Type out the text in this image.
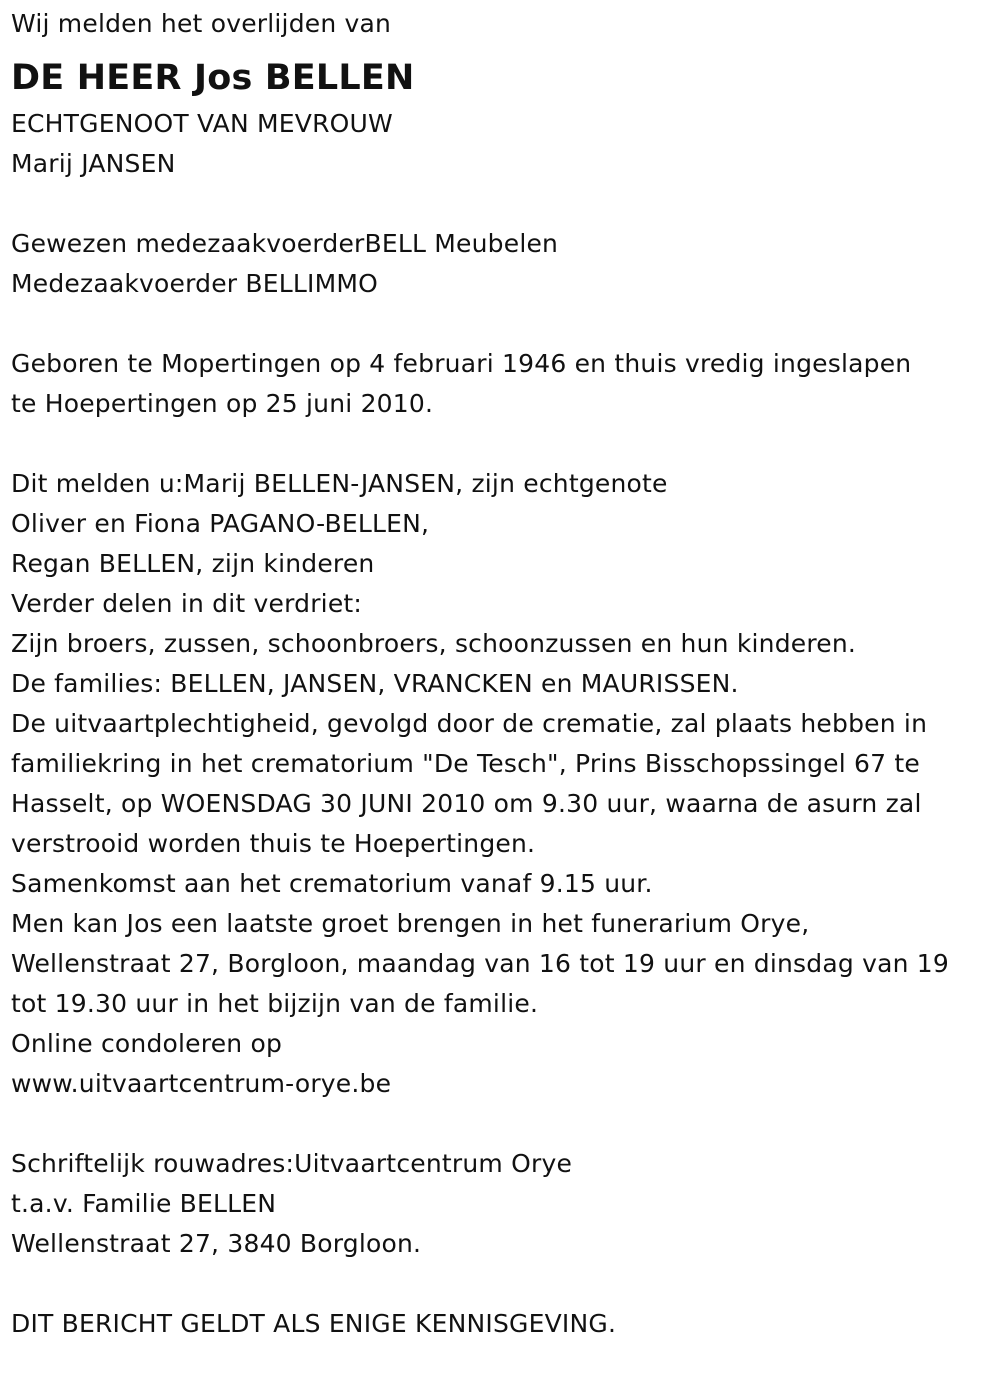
Wij melden het overlijden van
DE HEER Jos BELLEN
ECHTGENOOT VAN MEVROUW
Marij JANSEN
Gewezen medezaakvoerderBELL Meubelen
Medezaakvoerder BELLIMMO
Geboren te Mopertingen op 4 februari 1946 en thuis vredig ingeslapen
te Hoepertingen op 25 juni 2010.
Dit melden u:Marij BELLEN-JANSEN, zijn echtgenote
Oliver en Fiona PAGANO-BELLEN,
Regan BELLEN, zijn kinderen
Verder delen in dit verdriet:
Zijn broers, zussen, schoonbroers, schoonzussen en hun kinderen.
De families: BELLEN, JANSEN, VRANCKEN en MAURISSEN.
De uitvaartplechtigheid, gevolgd door de crematie, zal plaats hebben in
familiekring in het crematorium "De Tesch", Prins Bisschopssingel 67 te
Hasselt, op WOENSDAG 30 JUNI 2010 om 9.30 uur, waarna de asurn zal
verstrooid worden thuis te Hoepertingen.
Samenkomst aan het crematorium vanaf 9.15 uur.
Men kan Jos een laatste groet brengen in het funerarium Orye,
Wellenstraat 27, Borgloon, maandag van 16 tot 19 uur en dinsdag van 19
tot 19.30 uur in het bijzijn van de familie.
Online condoleren op
www.uitvaartcentrum-orye.be
Schriftelijk rouwadres:Uitvaartcentrum Orye
t.a.v. Familie BELLEN
Wellenstraat 27, 3840 Borgloon.
DIT BERICHT GELDT ALS ENIGE KENNISGEVING.
